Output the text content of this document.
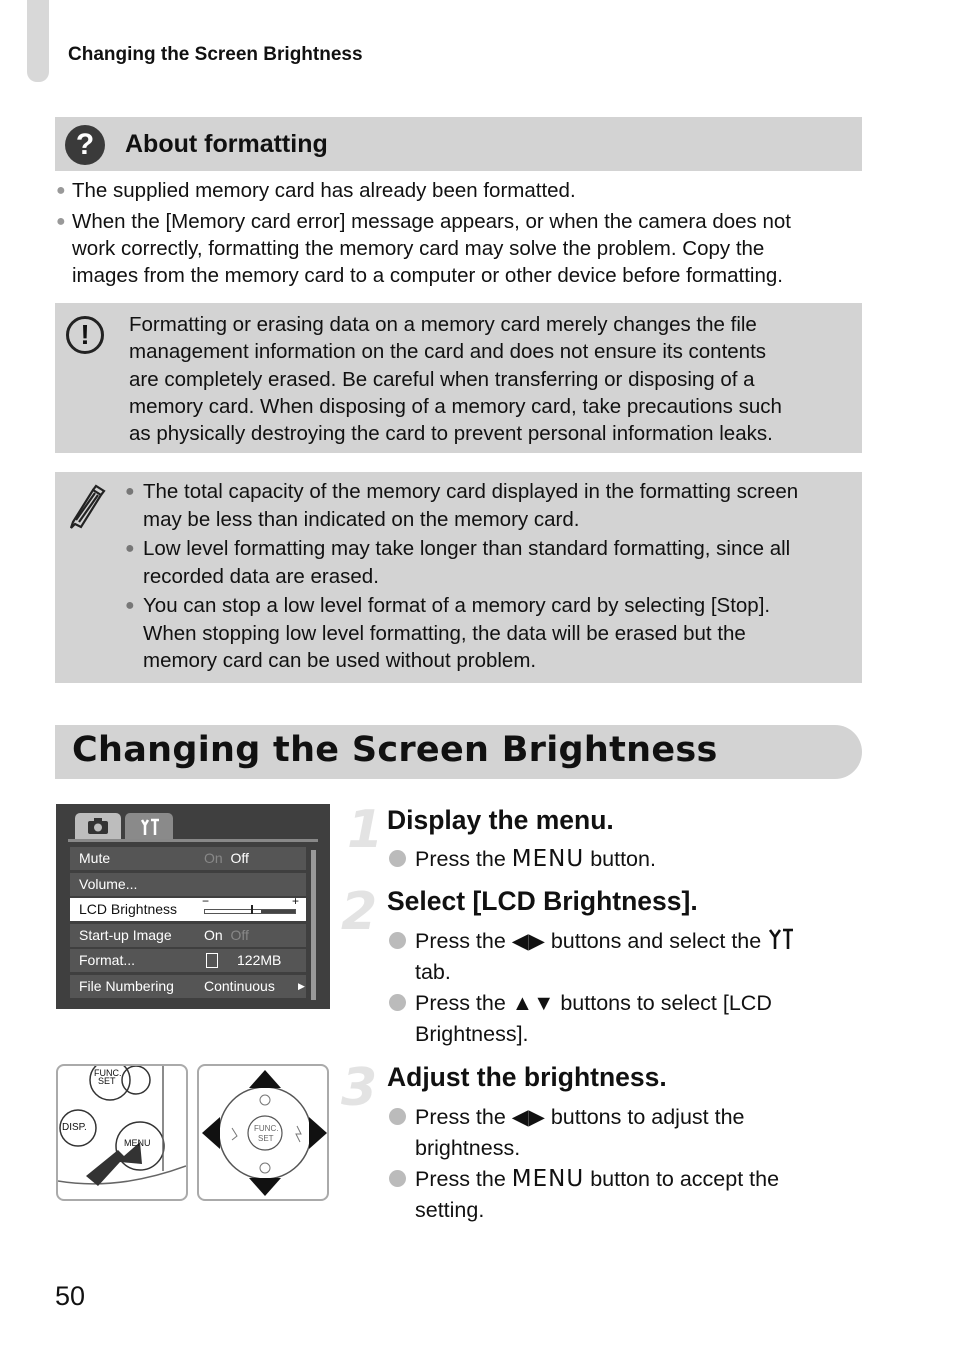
Changing the Screen Brightness
?	About formatting
● The supplied memory card has already been formatted.
● When the [Memory card error] message appears, or when the camera does not
work correctly, formatting the memory card may solve the problem. Copy the
images from the memory card to a computer or other device before formatting.
!	Formatting or erasing data on a memory card merely changes the file
management information on the card and does not ensure its contents
are completely erased. Be careful when transferring or disposing of a
memory card. When disposing of a memory card, take precautions such
as physically destroying the card to prevent personal information leaks.
● The total capacity of the memory card displayed in the formatting screen
may be less than indicated on the memory card.
● Low level formatting may take longer than standard formatting, since all
recorded data are erased.
● You can stop a low level format of a memory card by selecting [Stop].
When stopping low level formatting, the data will be erased but the
memory card can be used without problem.
Changing the Screen Brightness
Mute	On Off
Volume...
LCD Brightness −	+
Start-up Image On Off
Format...	122MB
File Numbering Continuous	▶
FUNC.
SET
DISP.
MENU
FUNC.
SET
1 Display the menu.
Press the MENU button.
2 Select [LCD Brightness].
Press the ◀▶ buttons and select the
tab.
Press the ▲▼ buttons to select [LCD
Brightness].
3 Adjust the brightness.
Press the ◀▶ buttons to adjust the
brightness.
Press the MENU button to accept the
setting.
50
